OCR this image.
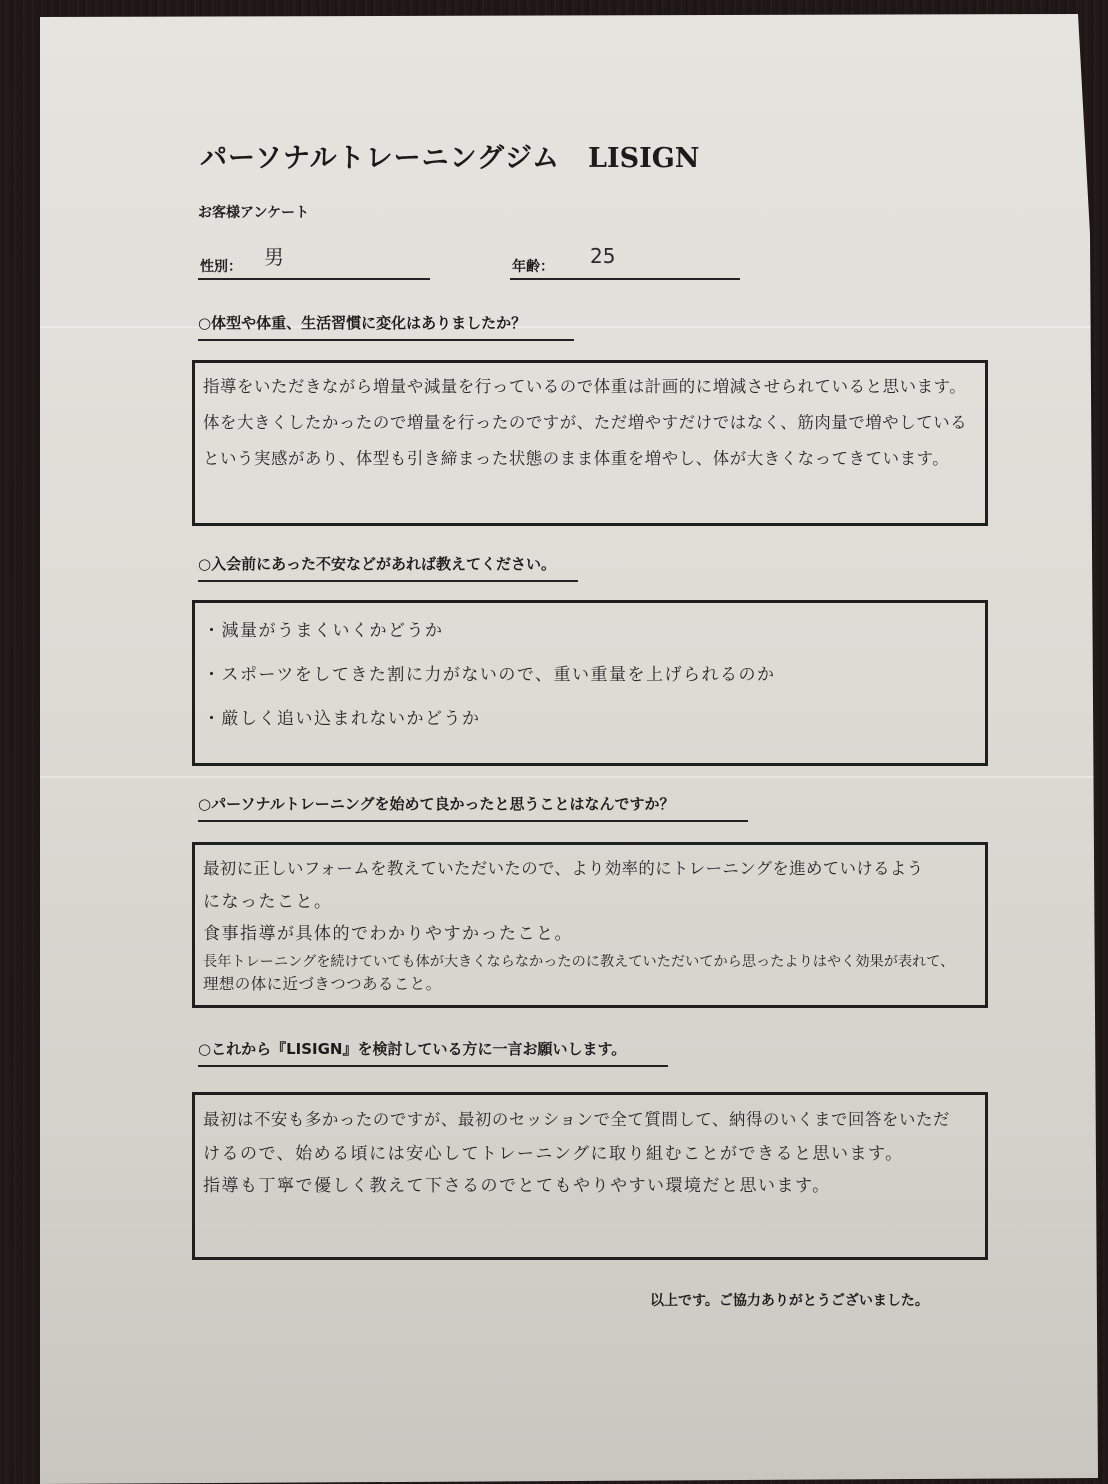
パーソナルトレーニングジム LISIGN
お客様アンケート
性別： 男	年齢： 25
○体型や体重、生活習慣に変化はありましたか？
指導をいただきながら増量や減量を行っているので体重は計画的に増減させられていると思います。
体を大きくしたかったので増量を行ったのですが、ただ増やすだけではなく、筋肉量で増やしている
という実感があり、体型も引き締まった状態のまま体重を増やし、体が大きくなってきています。
○入会前にあった不安などがあれば教えてください。
・減量がうまくいくかどうか
・スポーツをしてきた割に力がないので、重い重量を上げられるのか
・厳しく追い込まれないかどうか
○パーソナルトレーニングを始めて良かったと思うことはなんですか？
最初に正しいフォームを教えていただいたので、より効率的にトレーニングを進めていけるよう
になったこと。
食事指導が具体的でわかりやすかったこと。
長年トレーニングを続けていても体が大きくならなかったのに教えていただいてから思ったよりはやく効果が表れて、
理想の体に近づきつつあること。
○これから『LISIGN』を検討している方に一言お願いします。
最初は不安も多かったのですが、最初のセッションで全て質問して、納得のいくまで回答をいただ
けるので、始める頃には安心してトレーニングに取り組むことができると思います。
指導も丁寧で優しく教えて下さるのでとてもやりやすい環境だと思います。
以上です。ご協力ありがとうございました。
